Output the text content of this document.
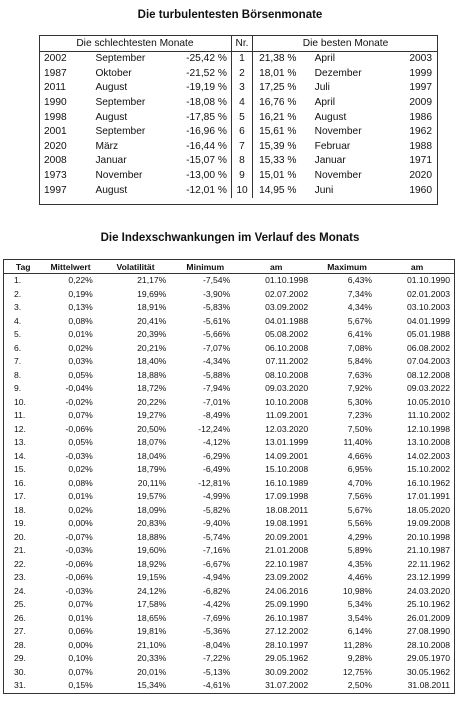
Die turbulentesten Börsenmonate
Die schlechtesten Monate			Nr.	Die besten Monate		
2002	September	-25,42 %	1	21,38 %	April	2003
1987	Oktober	-21,52 %	2	18,01 %	Dezember	1999
2011	August	-19,19 %	3	17,25 %	Juli	1997
1990	September	-18,08 %	4	16,76 %	April	2009
1998	August	-17,85 %	5	16,21 %	August	1986
2001	September	-16,96 %	6	15,61 %	November	1962
2020	März	-16,44 %	7	15,39 %	Februar	1988
2008	Januar	-15,07 %	8	15,33 %	Januar	1971
1973	November	-13,00 %	9	15,01 %	November	2020
1997	August	-12,01 %	10	14,95 %	Juni	1960
Die Indexschwankungen im Verlauf des Monats
Tag	Mittelwert	Volatilität	Minimum	am	Maximum	am
1.	0,22%	21,17%	-7,54%	01.10.1998	6,43%	01.10.1990
2.	0,19%	19,69%	-3,90%	02.07.2002	7,34%	02.01.2003
3.	0,13%	18,91%	-5,83%	03.09.2002	4,34%	03.10.2003
4.	0,08%	20,41%	-5,61%	04.01.1988	5,67%	04.01.1999
5.	0,01%	20,39%	-5,66%	05.08.2002	6,41%	05.01.1988
6.	0,02%	20,21%	-7,07%	06.10.2008	7,08%	06.08.2002
7.	0,03%	18,40%	-4,34%	07.11.2002	5,84%	07.04.2003
8.	0,05%	18,88%	-5,88%	08.10.2008	7,63%	08.12.2008
9.	-0,04%	18,72%	-7,94%	09.03.2020	7,92%	09.03.2022
10.	-0,02%	20,22%	-7,01%	10.10.2008	5,30%	10.05.2010
11.	0,07%	19,27%	-8,49%	11.09.2001	7,23%	11.10.2002
12.	-0,06%	20,50%	-12,24%	12.03.2020	7,50%	12.10.1998
13.	0,05%	18,07%	-4,12%	13.01.1999	11,40%	13.10.2008
14.	-0,03%	18,04%	-6,29%	14.09.2001	4,66%	14.02.2003
15.	0,02%	18,79%	-6,49%	15.10.2008	6,95%	15.10.2002
16.	0,08%	20,11%	-12,81%	16.10.1989	4,70%	16.10.1962
17.	0,01%	19,57%	-4,99%	17.09.1998	7,56%	17.01.1991
18.	0,02%	18,09%	-5,82%	18.08.2011	5,67%	18.05.2020
19.	0,00%	20,83%	-9,40%	19.08.1991	5,56%	19.09.2008
20.	-0,07%	18,88%	-5,74%	20.09.2001	4,29%	20.10.1998
21.	-0,03%	19,60%	-7,16%	21.01.2008	5,89%	21.10.1987
22.	-0,06%	18,92%	-6,67%	22.10.1987	4,35%	22.11.1962
23.	-0,06%	19,15%	-4,94%	23.09.2002	4,46%	23.12.1999
24.	-0,03%	24,12%	-6,82%	24.06.2016	10,98%	24.03.2020
25.	0,07%	17,58%	-4,42%	25.09.1990	5,34%	25.10.1962
26.	0,01%	18,65%	-7,69%	26.10.1987	3,54%	26.01.2009
27.	0,06%	19,81%	-5,36%	27.12.2002	6,14%	27.08.1990
28.	0,00%	21,10%	-8,04%	28.10.1997	11,28%	28.10.2008
29.	0,10%	20,33%	-7,22%	29.05.1962	9,28%	29.05.1970
30.	0,07%	20,01%	-5,13%	30.09.2002	12,75%	30.05.1962
31.	0,15%	15,34%	-4,61%	31.07.2002	2,50%	31.08.2011
